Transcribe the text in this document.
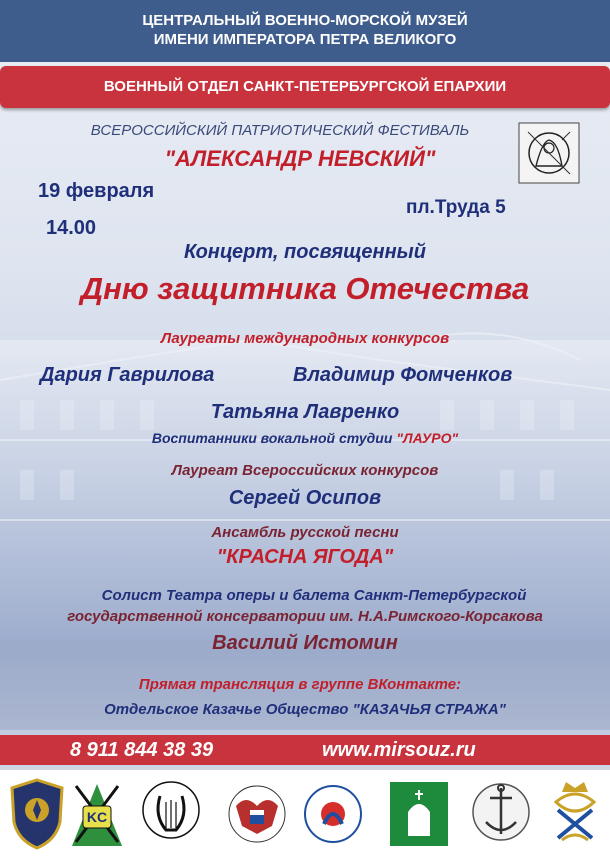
ЦЕНТРАЛЬНЫЙ ВОЕННО-МОРСКОЙ МУЗЕЙ
ИМЕНИ ИМПЕРАТОРА ПЕТРА ВЕЛИКОГО
ВОЕННЫЙ ОТДЕЛ САНКТ-ПЕТЕРБУРГСКОЙ ЕПАРХИИ
ВСЕРОССИЙСКИЙ ПАТРИОТИЧЕСКИЙ ФЕСТИВАЛЬ
"АЛЕКСАНДР НЕВСКИЙ"
19 февраля
14.00
пл.Труда 5
Концерт, посвященный
Дню защитника Отечества
Лауреаты международных конкурсов
Дария Гаврилова	Владимир Фомченков
Татьяна Лавренко
Воспитанники вокальной студии "ЛАУРО"
Лауреат Всероссийских конкурсов
Сергей Осипов
Ансамбль русской песни
"КРАСНА ЯГОДА"
Солист Театра оперы и балета Санкт-Петербургской
государственной консерватории им. Н.А.Римского-Корсакова
Василий Истомин
Прямая трансляция в группе ВКонтакте:
Отдельское Казачье Общество "КАЗАЧЬЯ СТРАЖА"
8 911 844 38 39	www.mirsouz.ru
KC
